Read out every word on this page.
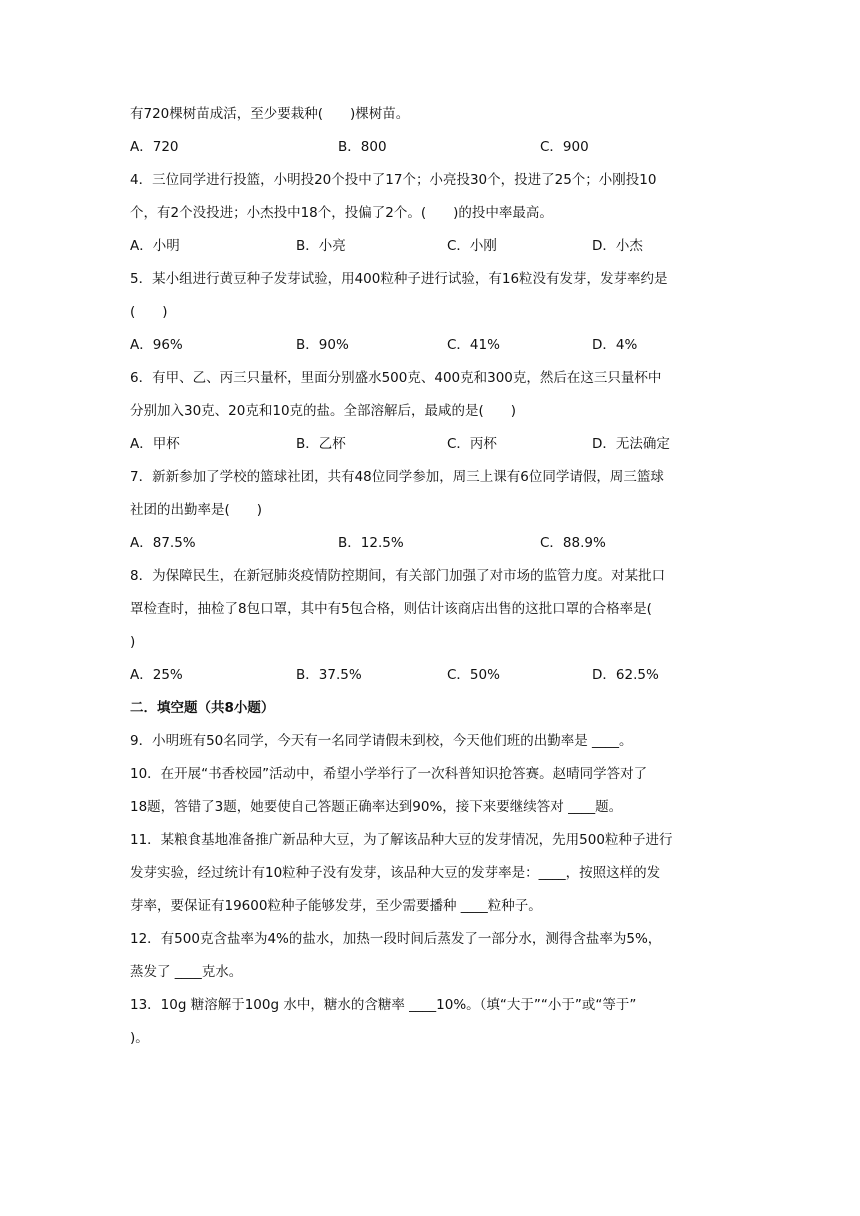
有720棵树苗成活，至少要栽种(　　)棵树苗。

A．720	B．800	C．900

4．三位同学进行投篮，小明投20个投中了17个；小亮投30个，投进了25个；小刚投10

个，有2个没投进；小杰投中18个，投偏了2个。(　　)的投中率最高。

A．小明	B．小亮	C．小刚	D．小杰

5．某小组进行黄豆种子发芽试验，用400粒种子进行试验，有16粒没有发芽，发芽率约是

(　　)

A．96%	B．90%	C．41%	D．4%

6．有甲、乙、丙三只量杯，里面分别盛水500克、400克和300克，然后在这三只量杯中

分别加入30克、20克和10克的盐。全部溶解后，最咸的是(　　)

A．甲杯	B．乙杯	C．丙杯	D．无法确定

7．新新参加了学校的篮球社团，共有48位同学参加，周三上课有6位同学请假，周三篮球

社团的出勤率是(　　)

A．87.5%	B．12.5%	C．88.9%

8．为保障民生，在新冠肺炎疫情防控期间，有关部门加强了对市场的监管力度。对某批口

罩检查时，抽检了8包口罩，其中有5包合格，则估计该商店出售的这批口罩的合格率是(

)

A．25%	B．37.5%	C．50%	D．62.5%

二．填空题（共8小题）

9．小明班有50名同学，今天有一名同学请假未到校，今天他们班的出勤率是 ____。

10．在开展“书香校园”活动中，希望小学举行了一次科普知识抢答赛。赵晴同学答对了

18题，答错了3题，她要使自己答题正确率达到90%，接下来要继续答对 ____题。

11．某粮食基地准备推广新品种大豆，为了解该品种大豆的发芽情况，先用500粒种子进行

发芽实验，经过统计有10粒种子没有发芽，该品种大豆的发芽率是：____，按照这样的发

芽率，要保证有19600粒种子能够发芽，至少需要播种 ____粒种子。

12．有500克含盐率为4%的盐水，加热一段时间后蒸发了一部分水，测得含盐率为5%，

蒸发了 ____克水。

13．10g 糖溶解于100g 水中，糖水的含糖率 ____10%。（填“大于”“小于”或“等于”

)。
